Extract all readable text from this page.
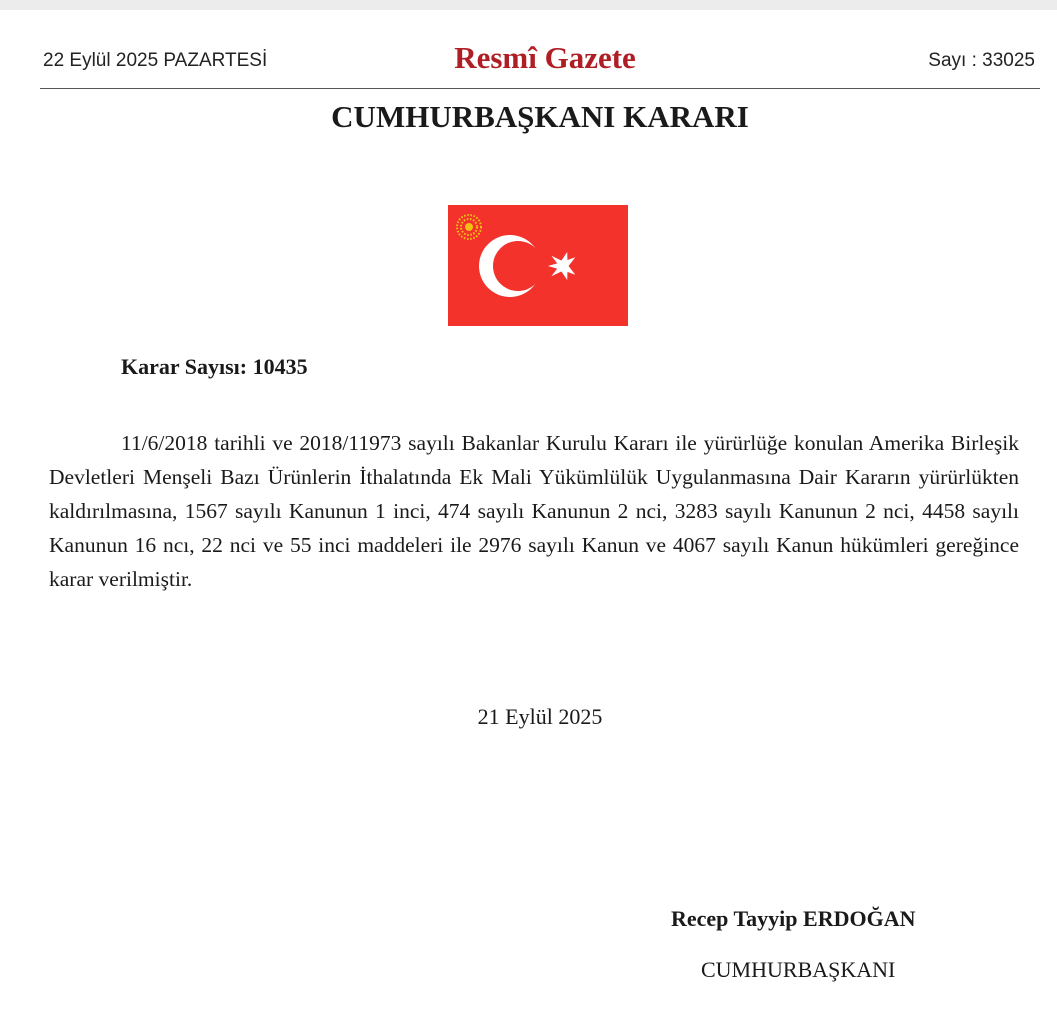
22 Eylül 2025 PAZARTESİ	Resmî Gazete	Sayı : 33025
CUMHURBAŞKANI KARARI
Karar Sayısı: 10435

11/6/2018 tarihli ve 2018/11973 sayılı Bakanlar Kurulu Kararı ile yürürlüğe konulan Amerika Birleşik Devletleri Menşeli Bazı Ürünlerin İthalatında Ek Mali Yükümlülük Uygulanmasına Dair Kararın yürürlükten kaldırılmasına, 1567 sayılı Kanunun 1 inci, 474 sayılı Kanunun 2 nci, 3283 sayılı Kanunun 2 nci, 4458 sayılı Kanunun 16 ncı, 22 nci ve 55 inci maddeleri ile 2976 sayılı Kanun ve 4067 sayılı Kanun hükümleri gereğince karar verilmiştir.

21 Eylül 2025
Recep Tayyip ERDOĞAN
CUMHURBAŞKANI
